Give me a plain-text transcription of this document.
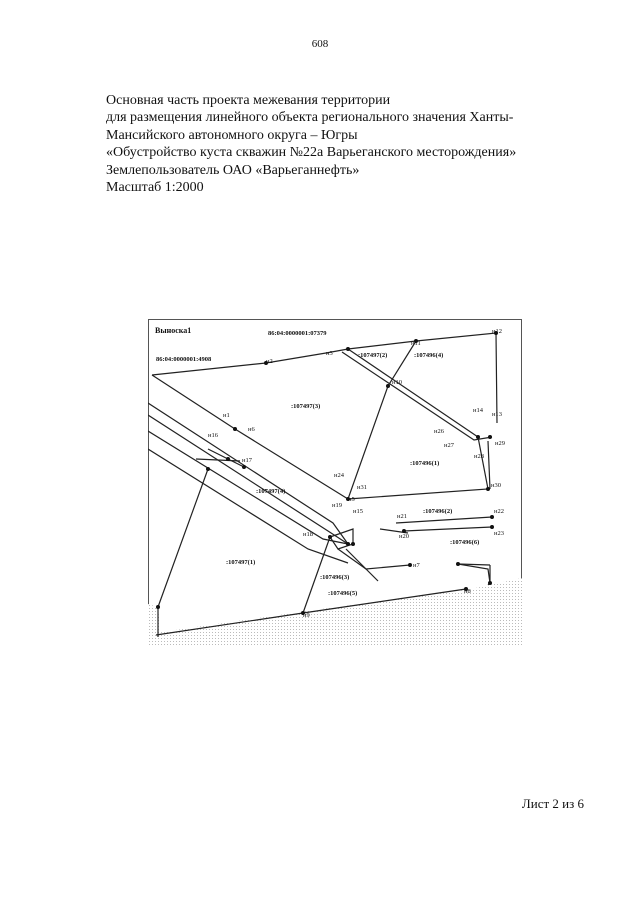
608
Основная часть проекта межевания территории
для размещения линейного объекта регионального значения Ханты-
Мансийского автономного округа – Югры
«Обустройство куста скважин №22а Варьеганского месторождения»
Землепользователь ОАО «Варьеганнефть»
Масштаб 1:2000
Выноска1	86:04:0000001:07379
86:04:0000001:4908
:107497(3)
:107497(2)	:107496(4)
:107496(1)
:107497(4)
:107497(1)
:107496(2)
:107496(6)
:107496(3)
:107496(5)
н1
н2
н3
н6
н7
н8
н9
н10
н11
н12
н13
н14
н15
н16
н17
н18
н19
н20
н21
н22
н23
н24
н26
н27
н28
н29
н30
н31
н5
Лист 2 из 6
